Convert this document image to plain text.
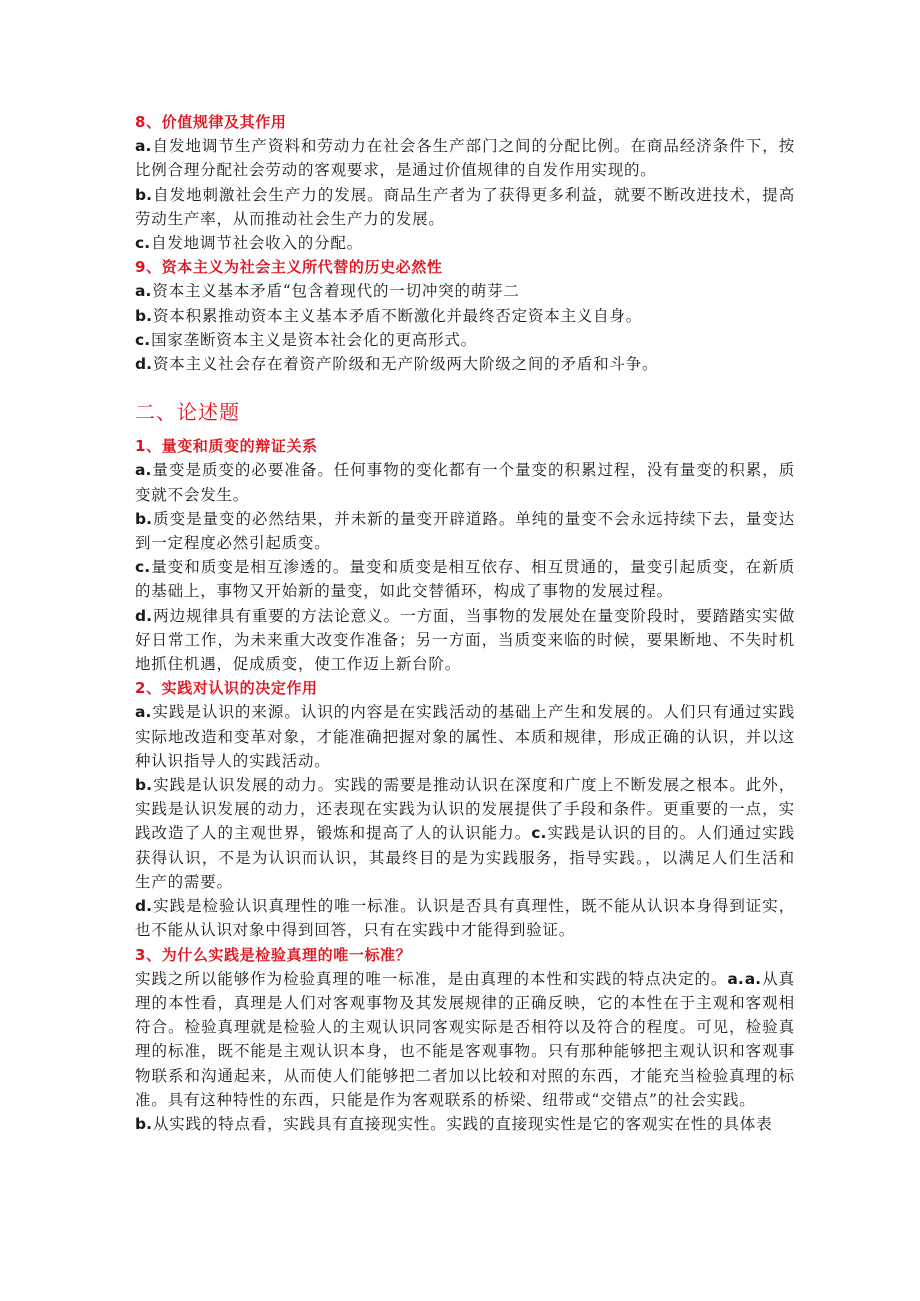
8、价值规律及其作用

a.自发地调节生产资料和劳动力在社会各生产部门之间的分配比例。在商品经济条件下，按比例合理分配社会劳动的客观要求，是通过价值规律的自发作用实现的。

b.自发地刺激社会生产力的发展。商品生产者为了获得更多利益，就要不断改进技术，提高劳动生产率，从而推动社会生产力的发展。

c.自发地调节社会收入的分配。

9、资本主义为社会主义所代替的历史必然性

a.资本主义基本矛盾“包含着现代的一切冲突的萌芽二

b.资本积累推动资本主义基本矛盾不断激化并最终否定资本主义自身。

c.国家垄断资本主义是资本社会化的更高形式。

d.资本主义社会存在着资产阶级和无产阶级两大阶级之间的矛盾和斗争。

二、论述题
1、量变和质变的辩证关系

a.量变是质变的必要准备。任何事物的变化都有一个量变的积累过程，没有量变的积累，质变就不会发生。

b.质变是量变的必然结果，并未新的量变开辟道路。单纯的量变不会永远持续下去，量变达到一定程度必然引起质变。

c.量变和质变是相互渗透的。量变和质变是相互依存、相互贯通的，量变引起质变，在新质的基础上，事物又开始新的量变，如此交替循环，构成了事物的发展过程。

d.两边规律具有重要的方法论意义。一方面，当事物的发展处在量变阶段时，要踏踏实实做好日常工作，为未来重大改变作准备；另一方面，当质变来临的时候，要果断地、不失时机地抓住机遇，促成质变，使工作迈上新台阶。

2、实践对认识的决定作用

a.实践是认识的来源。认识的内容是在实践活动的基础上产生和发展的。人们只有通过实践实际地改造和变革对象，才能准确把握对象的属性、本质和规律，形成正确的认识，并以这种认识指导人的实践活动。

b.实践是认识发展的动力。实践的需要是推动认识在深度和广度上不断发展之根本。此外，实践是认识发展的动力，还表现在实践为认识的发展提供了手段和条件。更重要的一点，实践改造了人的主观世界，锻炼和提高了人的认识能力。c.实践是认识的目的。人们通过实践获得认识，不是为认识而认识，其最终目的是为实践服务，指导实践。，以满足人们生活和生产的需要。

d.实践是检验认识真理性的唯一标准。认识是否具有真理性，既不能从认识本身得到证实，也不能从认识对象中得到回答，只有在实践中才能得到验证。

3、为什么实践是检验真理的唯一标准？

实践之所以能够作为检验真理的唯一标准，是由真理的本性和实践的特点决定的。a.a.从真理的本性看，真理是人们对客观事物及其发展规律的正确反映，它的本性在于主观和客观相符合。检验真理就是检验人的主观认识同客观实际是否相符以及符合的程度。可见，检验真理的标准，既不能是主观认识本身，也不能是客观事物。只有那种能够把主观认识和客观事物联系和沟通起来，从而使人们能够把二者加以比较和对照的东西，才能充当检验真理的标准。具有这种特性的东西，只能是作为客观联系的桥梁、纽带或“交错点”的社会实践。

b.从实践的特点看，实践具有直接现实性。实践的直接现实性是它的客观实在性的具体表
